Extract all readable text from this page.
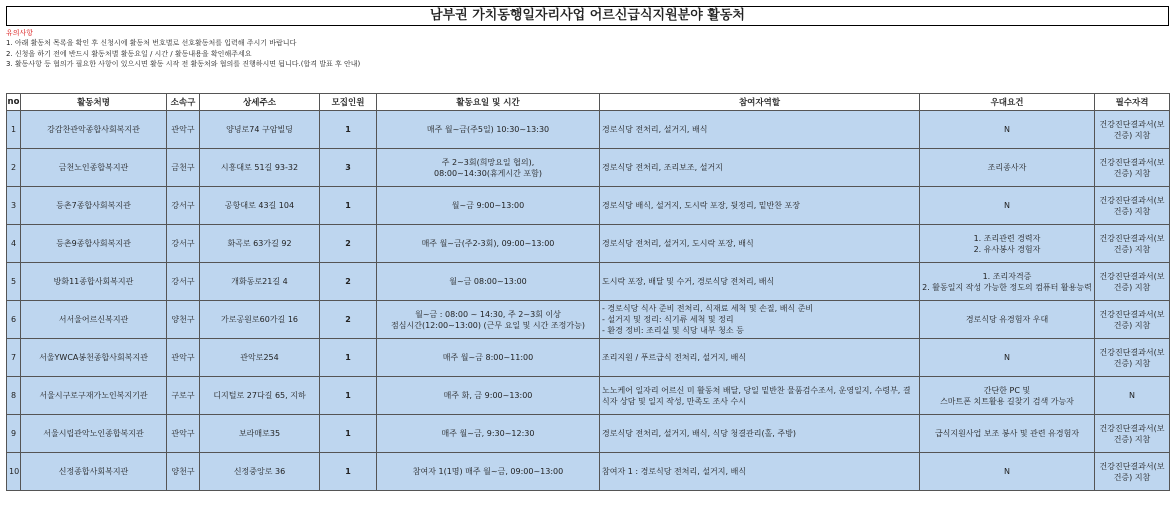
남부권 가치동행일자리사업 어르신급식지원분야 활동처
유의사항
1. 아래 활동처 목록을 확인 후 신청시에 활동처 번호별로 선호활동처를 입력해 주시기 바랍니다
2. 신청을 하기 전에 반드시 활동처별 활동요일 / 시간 / 활동내용을 확인해주세요
3. 활동사항 등 협의가 필요한 사항이 있으시면 활동 시작 전 활동처와 협의를 진행하시면 됩니다.(합격 발표 후 안내)
no	활동처명	소속구	상세주소	모집인원	활동요일 및 시간	참여자역할	우대요건	필수자격
1	강감찬관악종합사회복지관	관악구	양녕로74 구암빌딩	1	매주 월~금(주5일) 10:30~13:30	경로식당 전처리, 설거지, 배식	N	건강진단결과서(보건증) 지참
2	금천노인종합복지관	금천구	시흥대로 51길 93-32	3	주 2~3회(희망요일 협의),
08:00~14:30(휴게시간 포함)	경로식당 전처리, 조리보조, 설거지	조리종사자	건강진단결과서(보건증) 지참
3	등촌7종합사회복지관	강서구	공항대로 43길 104	1	월~금 9:00~13:00	경로식당 배식, 설거지, 도시락 포장, 뒷정리, 밑반찬 포장	N	건강진단결과서(보건증) 지참
4	등촌9종합사회복지관	강서구	화곡로 63가길 92	2	매주 월~금(주2-3회), 09:00~13:00	경로식당 전처리, 설거지, 도시락 포장, 배식	1. 조리관련 경력자
2. 유사봉사 경험자	건강진단결과서(보건증) 지참
5	방화11종합사회복지관	강서구	개화동로21길 4	2	월~금 08:00~13:00	도시락 포장, 배달 및 수거, 경로식당 전처리, 배식	1. 조리자격증
2. 활동일지 작성 가능한 정도의 컴퓨터 활용능력	건강진단결과서(보건증) 지참
6	서서울어르신복지관	양천구	가로공원로60가길 16	2	월~금 : 08:00 ~ 14:30, 주 2~3회 이상
점심시간(12:00~13:00) (근무 요일 및 시간 조정가능)	- 경로식당 식사 준비 전처리, 식재료 세척 및 손질, 배식 준비
- 설거지 및 정리: 식기류 세척 및 정리
- 환경 정비: 조리실 및 식당 내부 청소 등	경로식당 유경험자 우대	건강진단결과서(보건증) 지참
7	서울YWCA봉천종합사회복지관	관악구	관악로254	1	매주 월~금 8:00~11:00	조리지원 / 푸르급식 전처리, 설거지, 배식	N	건강진단결과서(보건증) 지참
8	서울시구로구재가노인복지기관	구로구	디지털로 27다길 65, 지하	1	매주 화, 금 9:00~13:00	노노케어 일자리 어르신 미 활동처 배달, 당일 밑반찬 물품검수조서, 운영일지, 수령부, 결식자 상담 및 일지 작성, 만족도 조사 수시	간단한 PC 및
스마트폰 치트활용 길찾기 검색 가능자	N
9	서울시립관악노인종합복지관	관악구	보라매로35	1	매주 월~금, 9:30~12:30	경로식당 전처리, 설거지, 배식, 식당 청결관리(홀, 주방)	급식지원사업 보조 봉사 및 관련 유경험자	건강진단결과서(보건증) 지참
10	신정종합사회복지관	양천구	신정중앙로 36	1	참여자 1(1명) 매주 월~금, 09:00~13:00	참여자 1 : 경로식당 전처리, 설거지, 배식	N	건강진단결과서(보건증) 지참
